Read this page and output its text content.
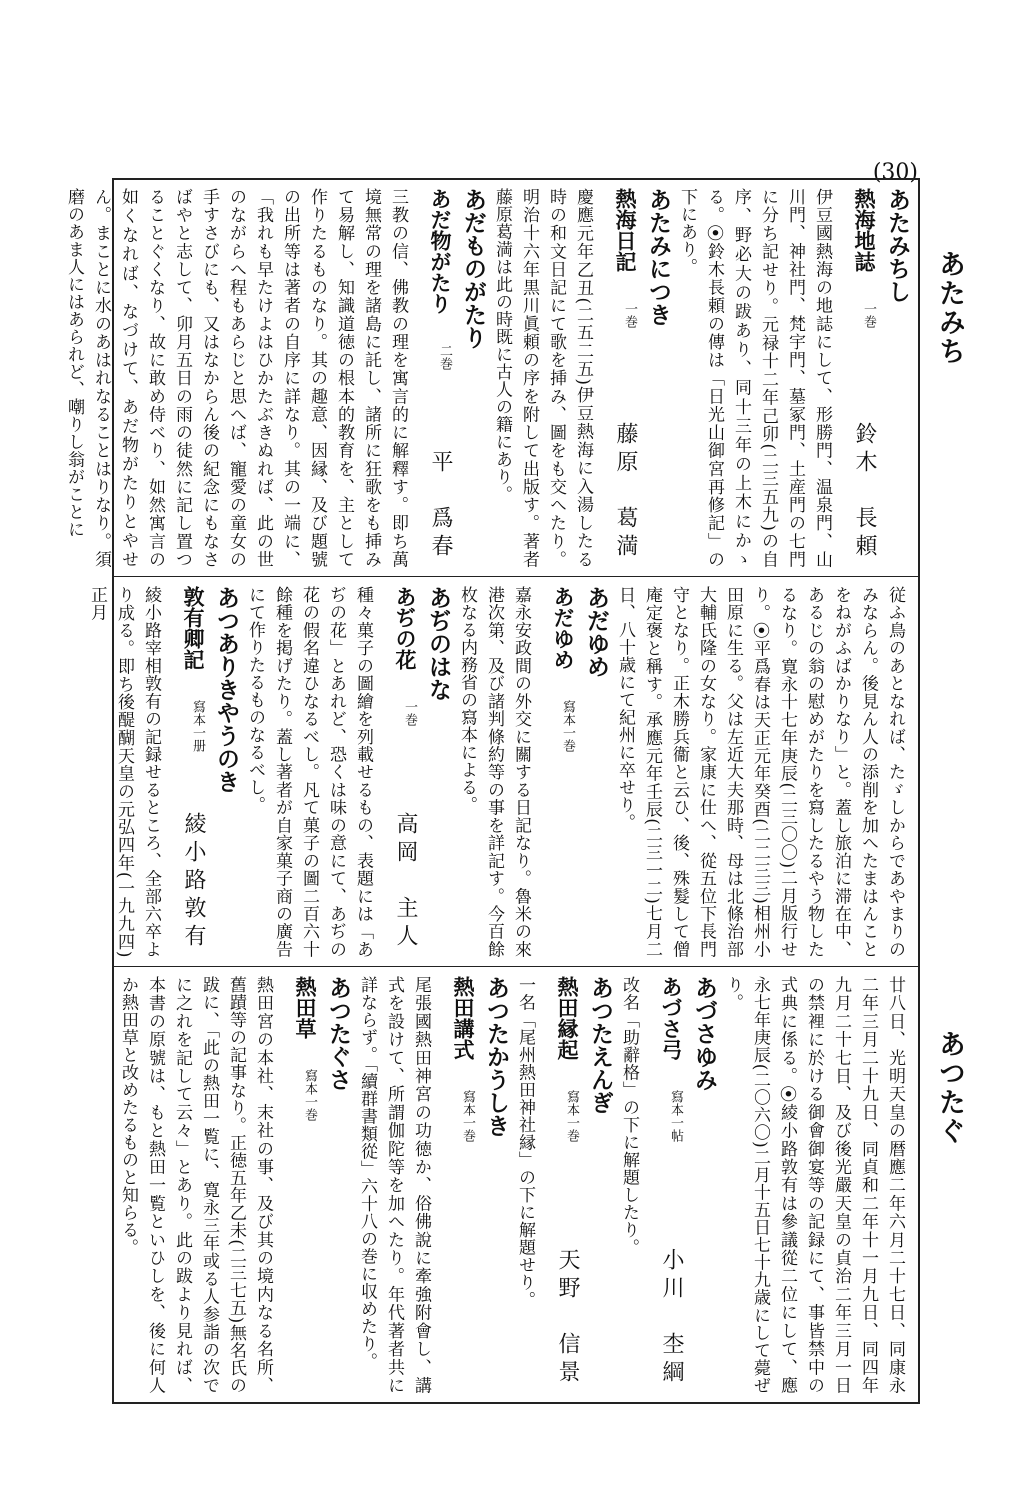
(30)
あたみち
あつたぐ
あたみちし
熱海地誌
一巻
鈴木　長頼
伊豆國熱海の地誌にして、形勝門、温泉門、山川門、神社門、梵宇門、墓冢門、土産門の七門に分ち記せり。元禄十二年己卯(二三五九)の自序、野必大の跋あり、同十三年の上木にかゝる。⦿鈴木長頼の傳は「日光山御宮再修記」の下にあり。
あたみにつき
熱海日記
一巻
藤原　葛満
慶應元年乙丑(二五二五)伊豆熱海に入湯したる時の和文日記にて歌を挿み、圖をも交へたり。明治十六年黒川眞頼の序を附して出版す。著者藤原葛満は此の時既に古人の籍にあり。
あだものがたり
あだ物がたり
二巻
平　爲春
三教の信、佛教の理を寓言的に解釋す。即ち萬境無常の理を諸島に託し、諸所に狂歌をも挿みて易解し、知識道徳の根本的教育を、主として作りたるものなり。其の趣意、因縁、及び題號の出所等は著者の自序に詳なり。其の一端に、「我れも早たけよはひかたぶきぬれば、此の世のながらへ程もあらじと思へば、寵愛の童女の手すさびにも、又はなからん後の紀念にもなさばやと志して、卯月五日の雨の徒然に記し置つることぐくなり、故に敢め侍べり、如然寓言の如くなれば、なづけて、あだ物がたりとやせん。まことに水のあはれなることはりなり。須磨のあま人にはあられど、嘲りし翁がことに
従ふ鳥のあとなれば、たゞしからであやまりのみならん。後見ん人の添削を加へたまはんことをねがふばかりなり」と。蓋し旅泊に滞在中、あるじの翁の慰めがたりを寫したるやう物したるなり。寛永十七年庚辰(二三〇〇)二月版行せり。⦿平爲春は天正元年癸酉(二二三三)相州小田原に生る。父は左近大夫那時、母は北條治部大輔氏隆の女なり。家康に仕へ、從五位下長門守となり。正木勝兵衞と云ひ、後、殊髮して僧庵定褒と稱す。承應元年壬辰(二三一二)七月二日、八十歳にて紀州に卒せり。
あだゆめ
あだゆめ
寫本一巻
嘉永安政間の外交に關する日記なり。魯米の來港次第、及び諸判條約等の事を詳記す。今百餘枚なる内務省の寫本による。
あぢのはな
あぢの花
一巻
高岡　主人
種々菓子の圖繪を列載せるもの、表題には「あぢの花」とあれど、恐くは味の意にて、あぢの花の假名違ひなるべし。凡て菓子の圖二百六十餘種を掲げたり。蓋し著者が自家菓子商の廣告にて作りたるものなるべし。
あつありきやうのき
敦有卿記
寫本一册
綾小路敦有
綾小路宰相敦有の記録せるところ、全部六卒より成る。即ち後醍醐天皇の元弘四年(一九九四)正月
廿八日、光明天皇の暦應二年六月二十七日、同康永二年三月二十九日、同貞和二年十一月九日、同四年九月二十七日、及び後光嚴天皇の貞治二年三月一日の禁裡に於ける御會御宴等の記録にて、事皆禁中の式典に係る。⦿綾小路敦有は參議從二位にして、應永七年庚辰(二〇六〇)二月十五日七十九歳にして薨ぜり。
あづさゆみ
あづさ弓
寫本一帖
小川　杢綱
改名「助辭格」の下に解題したり。
あつたえんぎ
熱田縁起
寫本一巻
天野　信景
一名「尾州熱田神社縁」の下に解題せり。
あつたかうしき
熱田講式
寫本一巻
尾張國熱田神宮の功徳か、俗佛說に牽強附會し、講式を設けて、所謂伽陀等を加へたり。年代著者共に詳ならず。「續群書類從」六十八の巻に収めたり。
あつたぐさ
熱田草
寫本一巻
熱田宮の本社、末社の事、及び其の境内なる名所、舊蹟等の記事なり。正徳五年乙未(二三七五)無名氏の跋に、「此の熱田一覧に、寛永三年或る人参詣の次でに之れを記して云々」とあり。此の跋より見れば、本書の原號は、もと熱田一覧といひしを、後に何人か熱田草と改めたるものと知らる。
